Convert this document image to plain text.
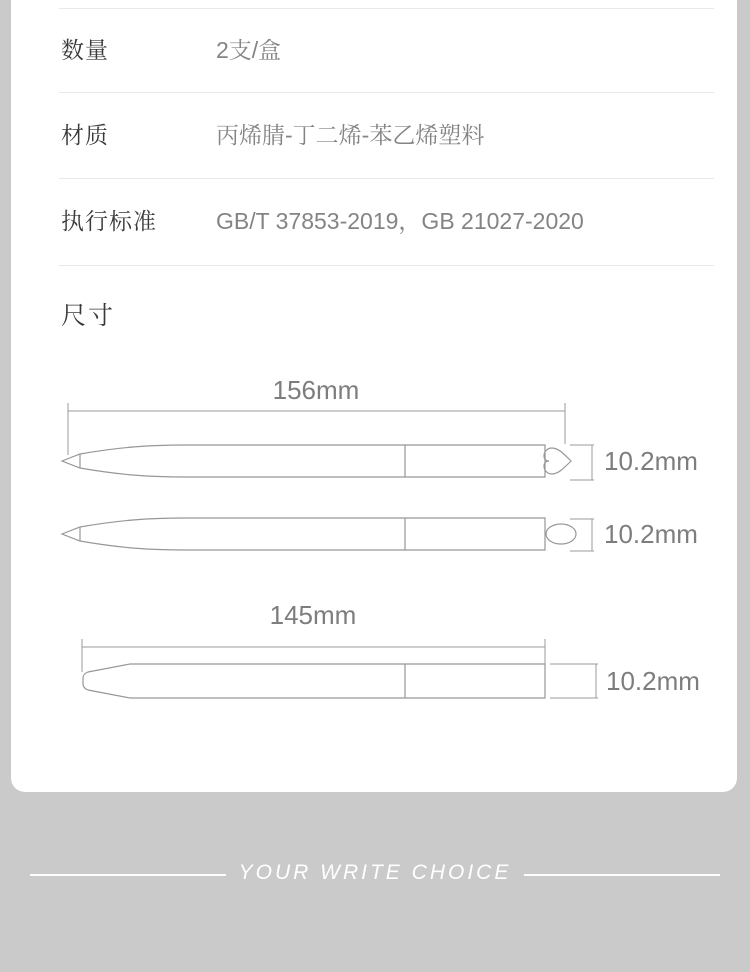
数量	2支/盒
材质	丙烯腈-丁二烯-苯乙烯塑料
执行标准	GB/T 37853-2019，GB 21027-2020
尺寸
156mm
10.2mm
10.2mm
145mm
10.2mm
YOUR WRITE CHOICE
